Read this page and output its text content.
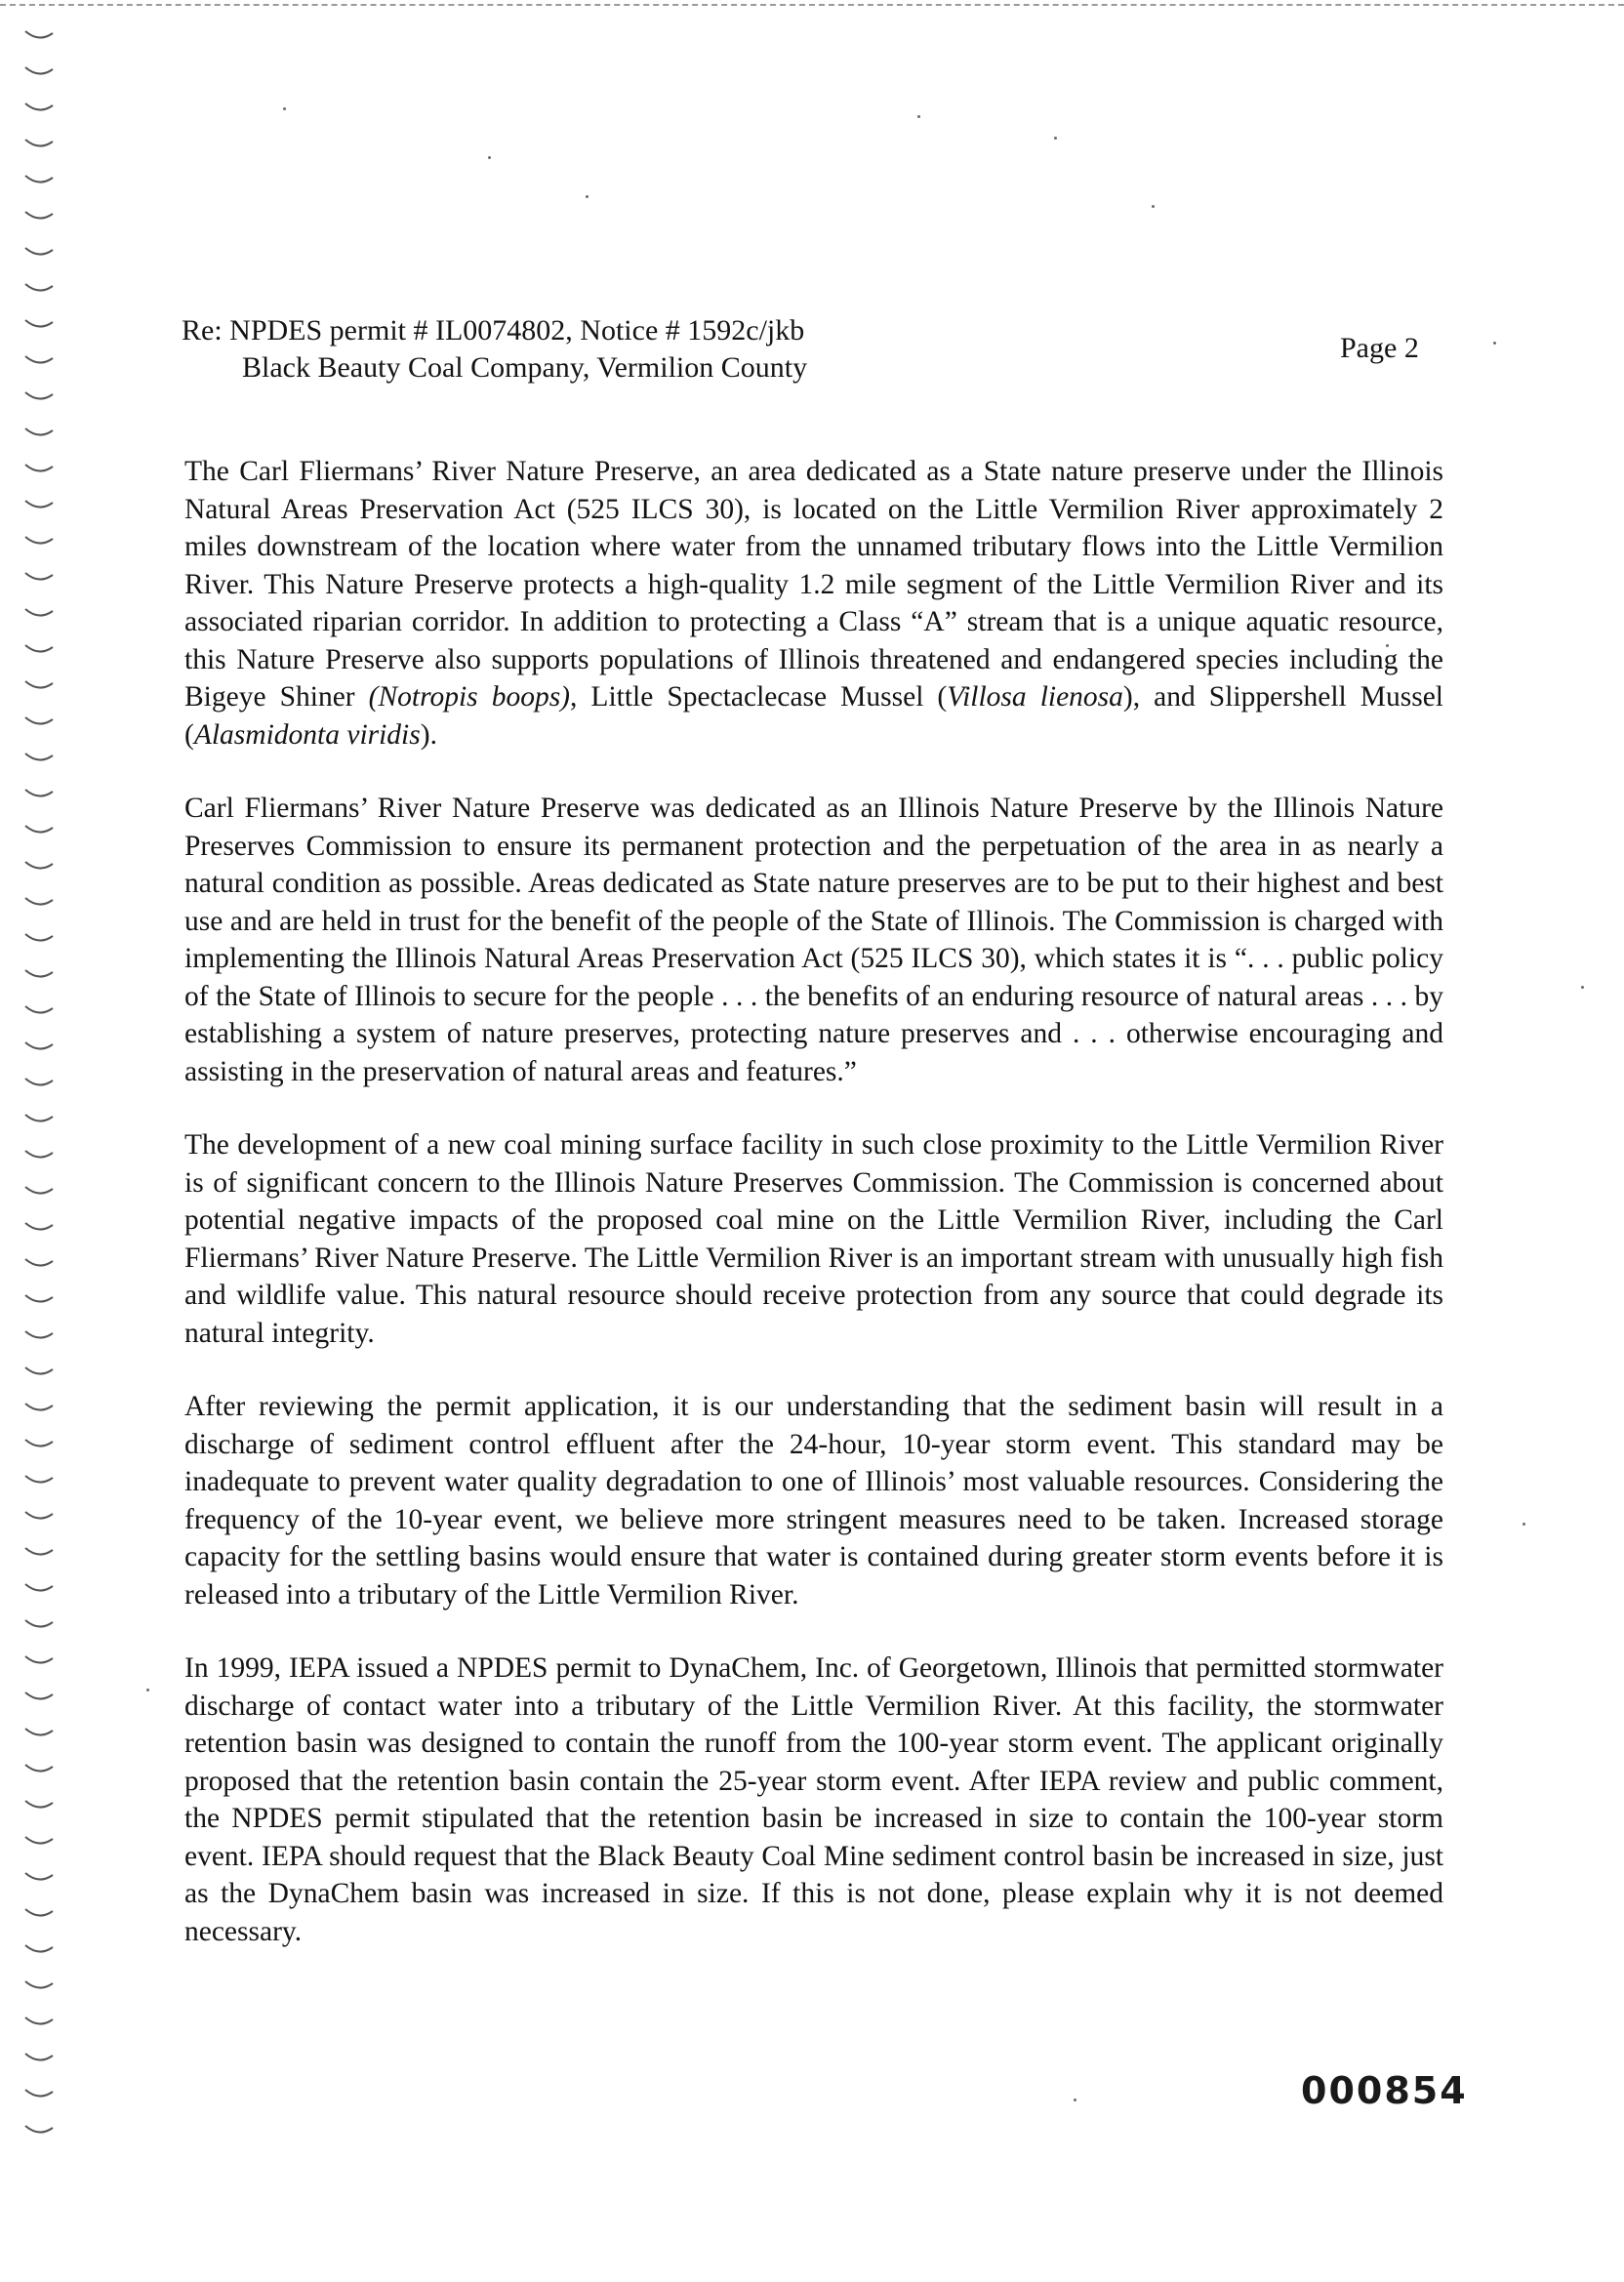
Re: NPDES permit # IL0074802, Notice # 1592c/jkb
Black Beauty Coal Company, Vermilion County
Page 2

The Carl Fliermans’ River Nature Preserve, an area dedicated as a State nature preserve under the Illinois Natural Areas Preservation Act (525 ILCS 30), is located on the Little Vermilion River approximately 2 miles downstream of the location where water from the unnamed tributary flows into the Little Vermilion River. This Nature Preserve protects a high-quality 1.2 mile segment of the Little Vermilion River and its associated riparian corridor. In addition to protecting a Class “A” stream that is a unique aquatic resource, this Nature Preserve also supports populations of Illinois threatened and endangered species including the Bigeye Shiner (Notropis boops), Little Spectaclecase Mussel (Villosa lienosa), and Slippershell Mussel (Alasmidonta viridis).

Carl Fliermans’ River Nature Preserve was dedicated as an Illinois Nature Preserve by the Illinois Nature Preserves Commission to ensure its permanent protection and the perpetuation of the area in as nearly a natural condition as possible. Areas dedicated as State nature preserves are to be put to their highest and best use and are held in trust for the benefit of the people of the State of Illinois. The Commission is charged with implementing the Illinois Natural Areas Preservation Act (525 ILCS 30), which states it is “. . . public policy of the State of Illinois to secure for the people . . . the benefits of an enduring resource of natural areas . . . by establishing a system of nature preserves, protecting nature preserves and . . . otherwise encouraging and assisting in the preservation of natural areas and features.”

The development of a new coal mining surface facility in such close proximity to the Little Vermilion River is of significant concern to the Illinois Nature Preserves Commission. The Commission is concerned about potential negative impacts of the proposed coal mine on the Little Vermilion River, including the Carl Fliermans’ River Nature Preserve. The Little Vermilion River is an important stream with unusually high fish and wildlife value. This natural resource should receive protection from any source that could degrade its natural integrity.

After reviewing the permit application, it is our understanding that the sediment basin will result in a discharge of sediment control effluent after the 24-hour, 10-year storm event. This standard may be inadequate to prevent water quality degradation to one of Illinois’ most valuable resources. Considering the frequency of the 10-year event, we believe more stringent measures need to be taken. Increased storage capacity for the settling basins would ensure that water is contained during greater storm events before it is released into a tributary of the Little Vermilion River.

In 1999, IEPA issued a NPDES permit to DynaChem, Inc. of Georgetown, Illinois that permitted stormwater discharge of contact water into a tributary of the Little Vermilion River. At this facility, the stormwater retention basin was designed to contain the runoff from the 100-year storm event. The applicant originally proposed that the retention basin contain the 25-year storm event. After IEPA review and public comment, the NPDES permit stipulated that the retention basin be increased in size to contain the 100-year storm event. IEPA should request that the Black Beauty Coal Mine sediment control basin be increased in size, just as the DynaChem basin was increased in size. If this is not done, please explain why it is not deemed necessary.

000854
